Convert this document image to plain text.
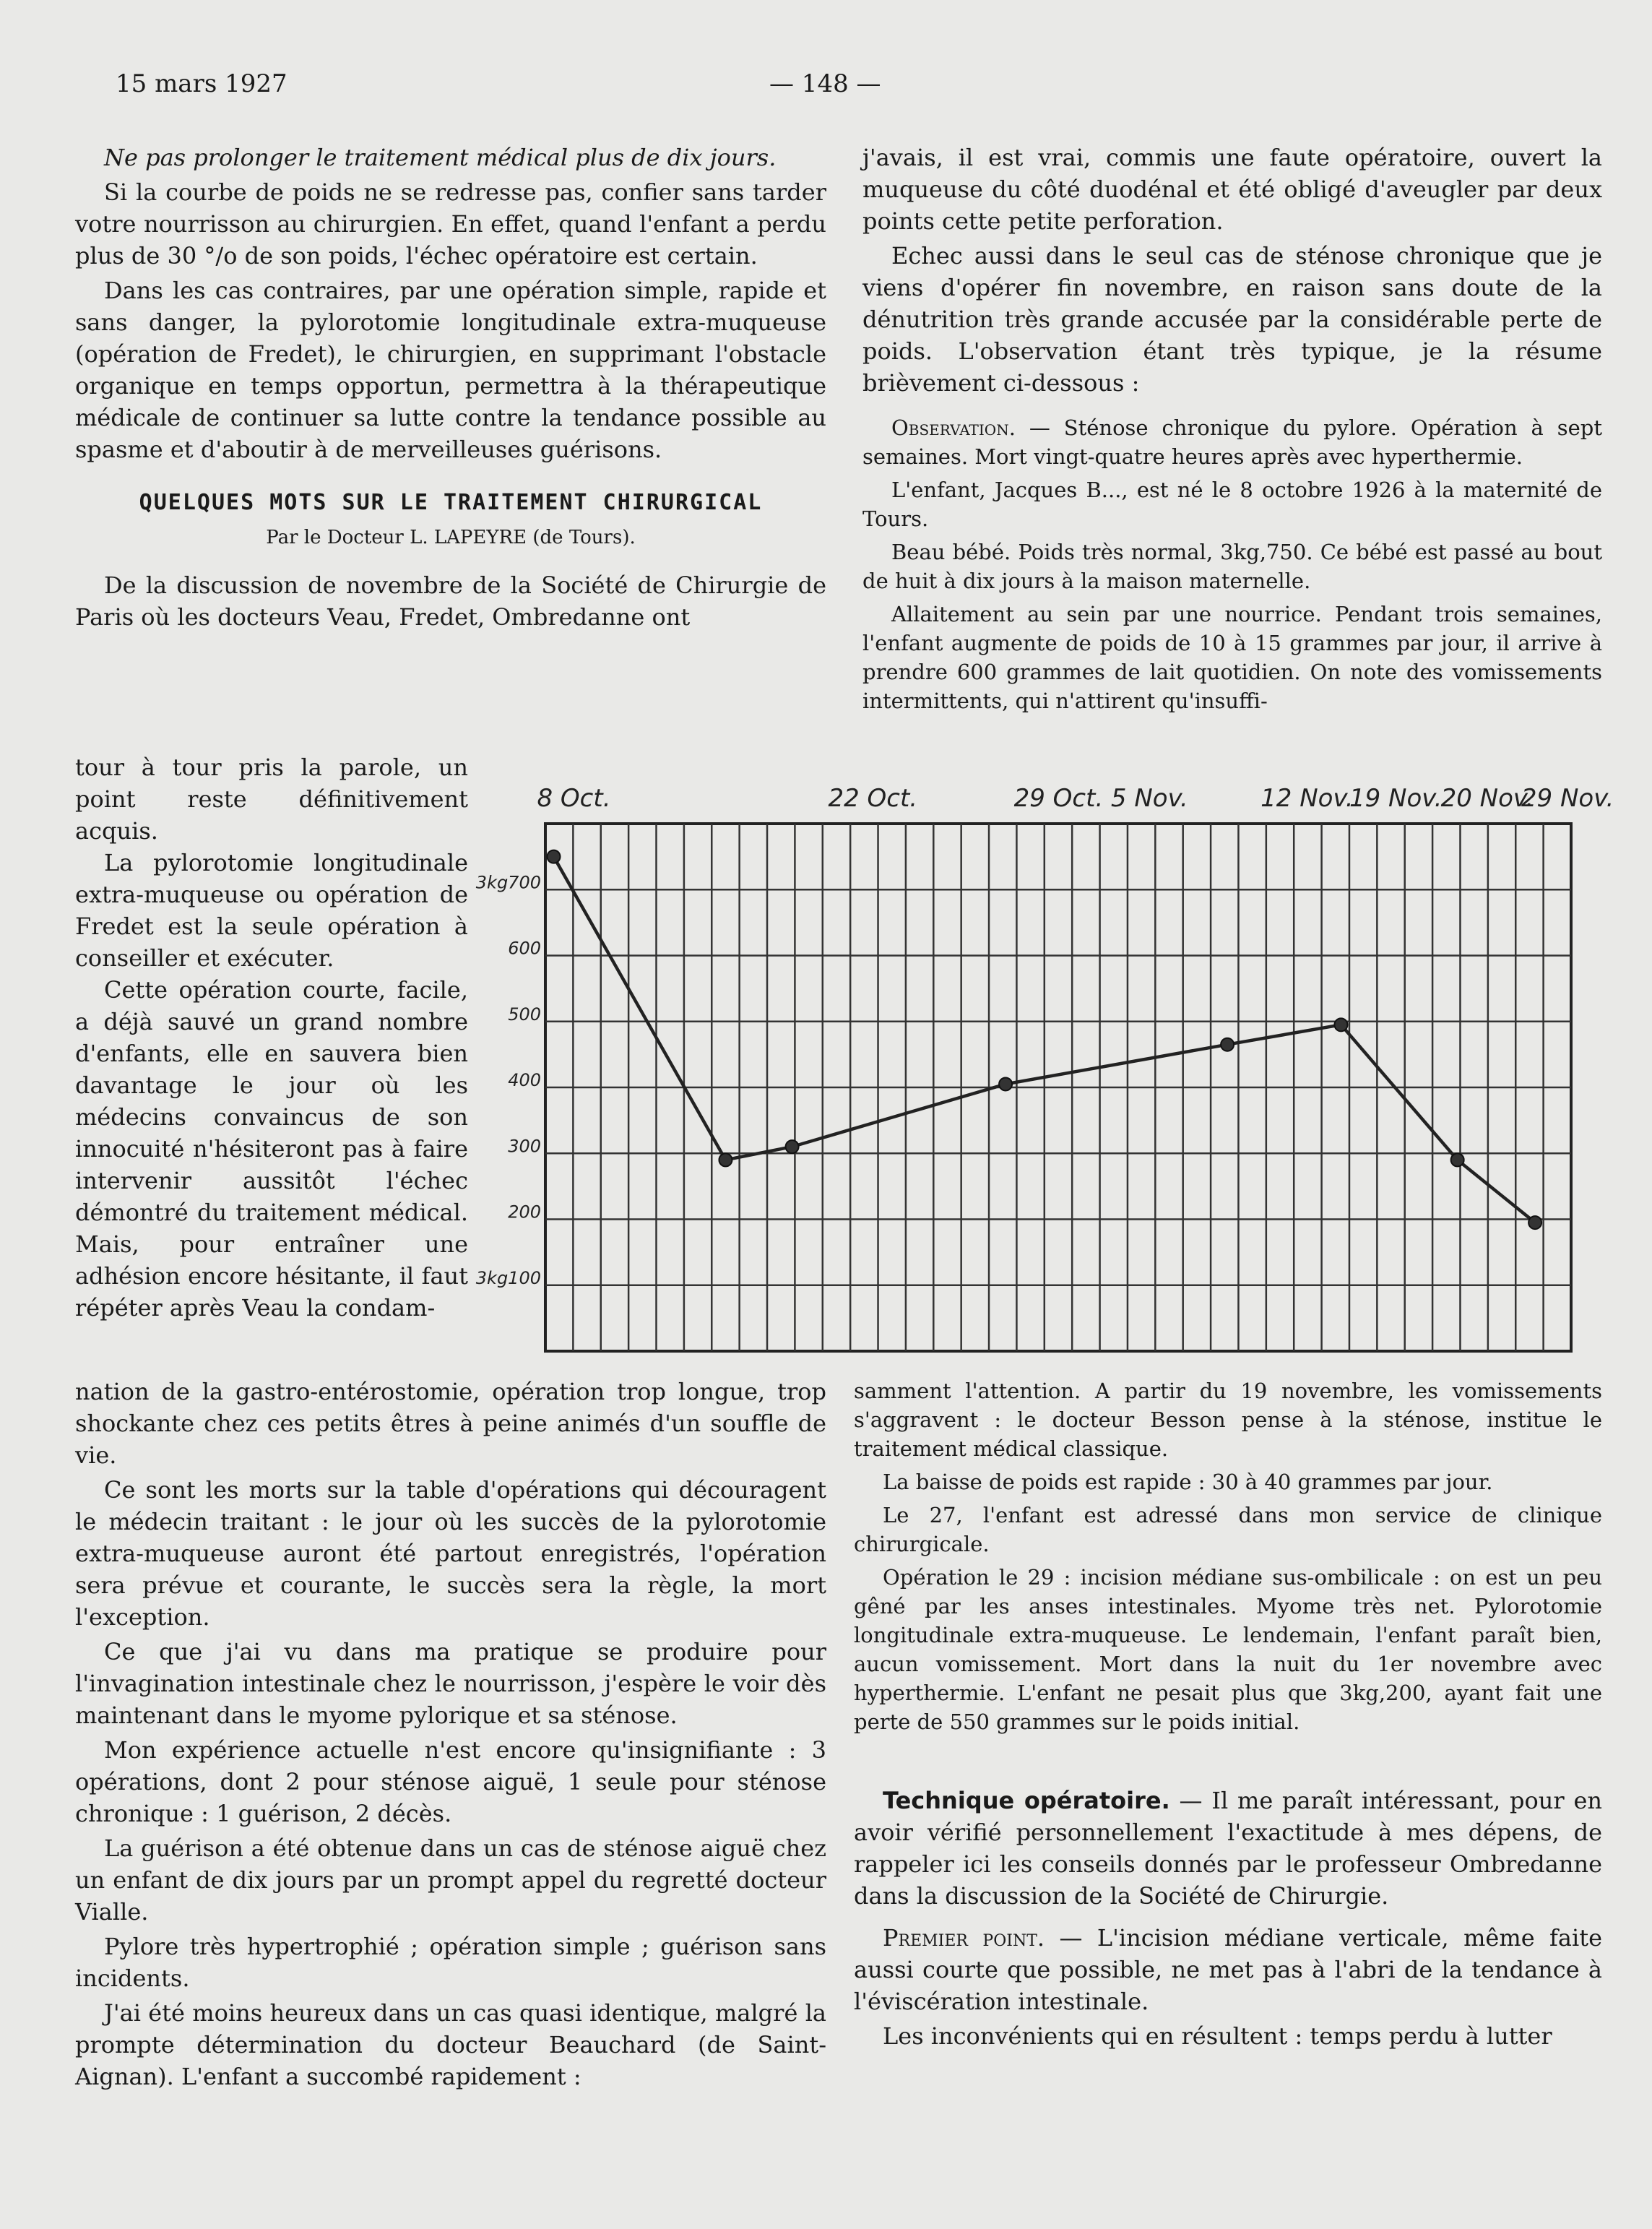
15 mars 1927	— 148 —

Ne pas prolonger le traitement médical plus de dix jours.

Si la courbe de poids ne se redresse pas, confier sans tarder votre nourrisson au chirurgien. En effet, quand l'enfant a perdu plus de 30 °/o de son poids, l'échec opératoire est certain.

Dans les cas contraires, par une opération simple, rapide et sans danger, la pylorotomie longitudinale extra-muqueuse (opération de Fredet), le chirurgien, en supprimant l'obstacle organique en temps opportun, permettra à la thérapeutique médicale de continuer sa lutte contre la tendance possible au spasme et d'aboutir à de merveilleuses guérisons.

QUELQUES MOTS SUR LE TRAITEMENT CHIRURGICAL
Par le Docteur L. LAPEYRE (de Tours).

De la discussion de novembre de la Société de Chirurgie de Paris où les docteurs Veau, Fredet, Ombredanne ont

tour à tour pris la parole, un point reste définitivement acquis.

La pylorotomie longitudinale extra-muqueuse ou opération de Fredet est la seule opération à conseiller et exécuter.

Cette opération courte, facile, a déjà sauvé un grand nombre d'enfants, elle en sauvera bien davantage le jour où les médecins convaincus de son innocuité n'hésiteront pas à faire intervenir aussitôt l'échec démontré du traitement médical. Mais, pour entraîner une adhésion encore hésitante, il faut répéter après Veau la condam-

3kg700
600
500
400
300
200
3kg100
8 Oct.	22 Oct.	29 Oct. 5 Nov.	12 Nov.
19 Nov.
20 Nov.
29 Nov.

nation de la gastro-entérostomie, opération trop longue, trop shockante chez ces petits êtres à peine animés d'un souffle de vie.

Ce sont les morts sur la table d'opérations qui découragent le médecin traitant : le jour où les succès de la pylorotomie extra-muqueuse auront été partout enregistrés, l'opération sera prévue et courante, le succès sera la règle, la mort l'exception.

Ce que j'ai vu dans ma pratique se produire pour l'invagination intestinale chez le nourrisson, j'espère le voir dès maintenant dans le myome pylorique et sa sténose.

Mon expérience actuelle n'est encore qu'insignifiante : 3 opérations, dont 2 pour sténose aiguë, 1 seule pour sténose chronique : 1 guérison, 2 décès.

La guérison a été obtenue dans un cas de sténose aiguë chez un enfant de dix jours par un prompt appel du regretté docteur Vialle.

Pylore très hypertrophié ; opération simple ; guérison sans incidents.

J'ai été moins heureux dans un cas quasi identique, malgré la prompte détermination du docteur Beauchard (de Saint-Aignan). L'enfant a succombé rapidement :

j'avais, il est vrai, commis une faute opératoire, ouvert la muqueuse du côté duodénal et été obligé d'aveugler par deux points cette petite perforation.

Echec aussi dans le seul cas de sténose chronique que je viens d'opérer fin novembre, en raison sans doute de la dénutrition très grande accusée par la considérable perte de poids. L'observation étant très typique, je la résume brièvement ci-dessous :

Observation. — Sténose chronique du pylore. Opération à sept semaines. Mort vingt-quatre heures après avec hyperthermie.

L'enfant, Jacques B..., est né le 8 octobre 1926 à la maternité de Tours.

Beau bébé. Poids très normal, 3kg,750. Ce bébé est passé au bout de huit à dix jours à la maison maternelle.

Allaitement au sein par une nourrice. Pendant trois semaines, l'enfant augmente de poids de 10 à 15 grammes par jour, il arrive à prendre 600 grammes de lait quotidien. On note des vomissements intermittents, qui n'attirent qu'insuffi-

samment l'attention. A partir du 19 novembre, les vomissements s'aggravent : le docteur Besson pense à la sténose, institue le traitement médical classique.

La baisse de poids est rapide : 30 à 40 grammes par jour.

Le 27, l'enfant est adressé dans mon service de clinique chirurgicale.

Opération le 29 : incision médiane sus-ombilicale : on est un peu gêné par les anses intestinales. Myome très net. Pylorotomie longitudinale extra-muqueuse. Le lendemain, l'enfant paraît bien, aucun vomissement. Mort dans la nuit du 1er novembre avec hyperthermie. L'enfant ne pesait plus que 3kg,200, ayant fait une perte de 550 grammes sur le poids initial.

Technique opératoire. — Il me paraît intéressant, pour en avoir vérifié personnellement l'exactitude à mes dépens, de rappeler ici les conseils donnés par le professeur Ombredanne dans la discussion de la Société de Chirurgie.

Premier point. — L'incision médiane verticale, même faite aussi courte que possible, ne met pas à l'abri de la tendance à l'éviscération intestinale.

Les inconvénients qui en résultent : temps perdu à lutter
